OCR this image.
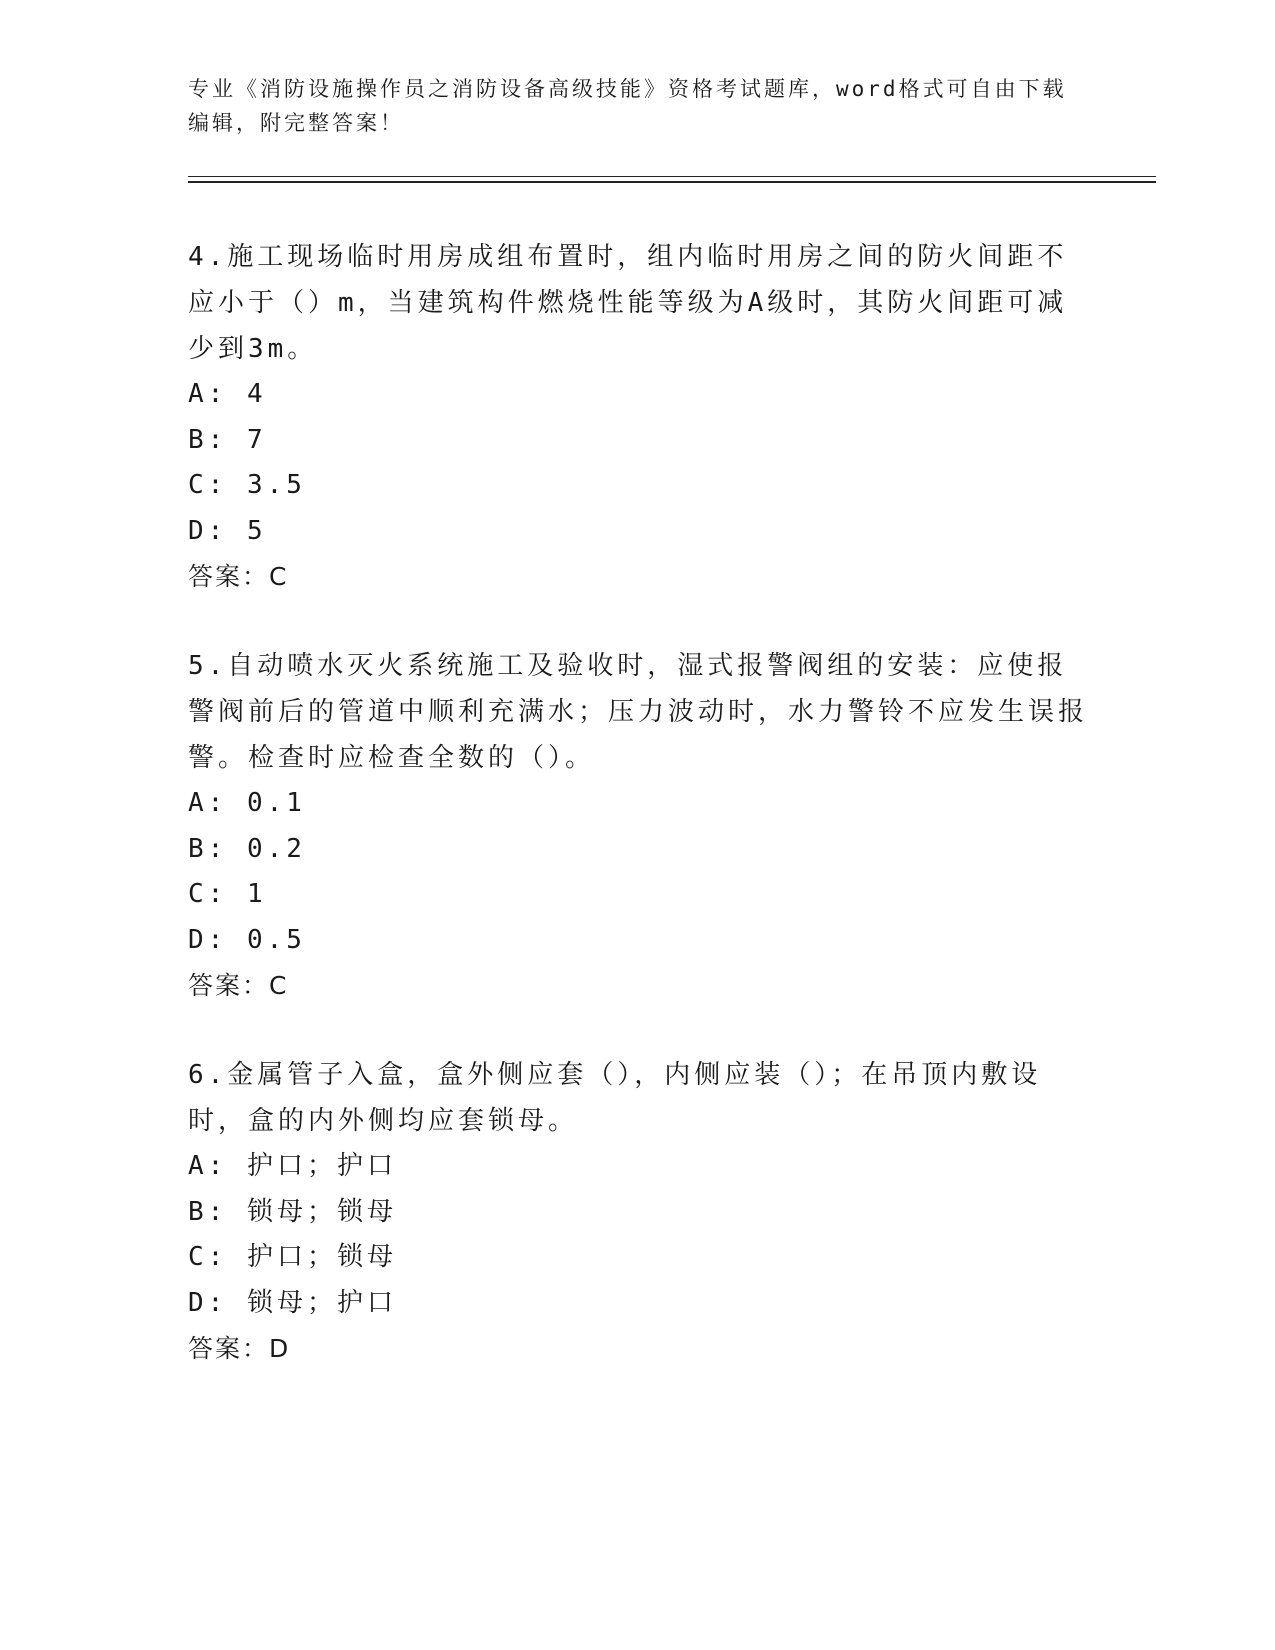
专业《消防设施操作员之消防设备高级技能》资格考试题库，word格式可自由下载编辑，附完整答案！

4.施工现场临时用房成组布置时，组内临时用房之间的防火间距不应小于（）m，当建筑构件燃烧性能等级为A级时，其防火间距可减少到3m。

A: 4

B: 7

C: 3.5

D: 5

答案：C

5.自动喷水灭火系统施工及验收时，湿式报警阀组的安装：应使报警阀前后的管道中顺利充满水；压力波动时，水力警铃不应发生误报警。检查时应检查全数的（）。

A: 0.1

B: 0.2

C: 1

D: 0.5

答案：C

6.金属管子入盒，盒外侧应套（），内侧应装（）；在吊顶内敷设时，盒的内外侧均应套锁母。

A: 护口；护口

B: 锁母；锁母

C: 护口；锁母

D: 锁母；护口

答案：D
